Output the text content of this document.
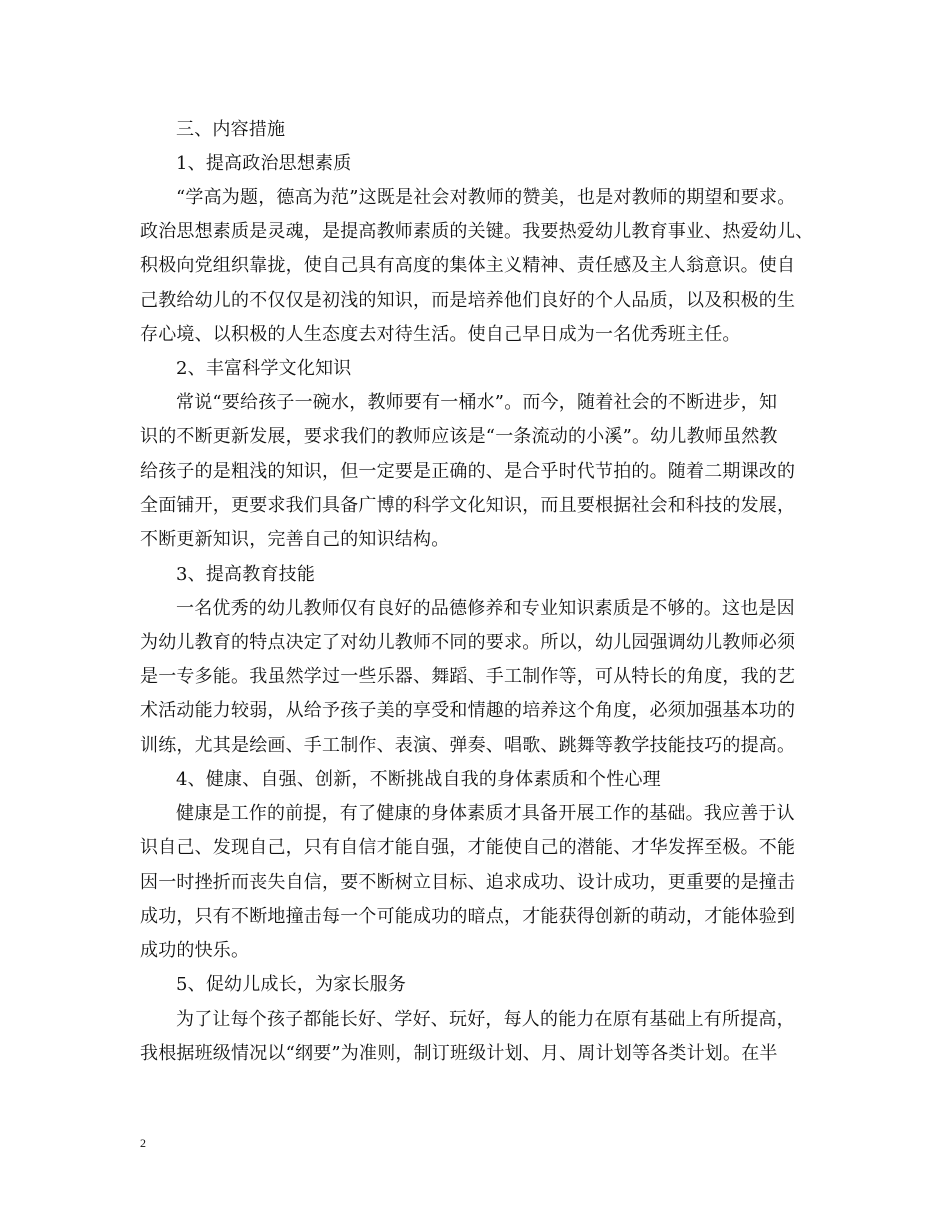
三、内容措施
1、提高政治思想素质
“学高为题，德高为范”这既是社会对教师的赞美，也是对教师的期望和要求。
政治思想素质是灵魂，是提高教师素质的关键。我要热爱幼儿教育事业、热爱幼儿、
积极向党组织靠拢，使自己具有高度的集体主义精神、责任感及主人翁意识。使自
己教给幼儿的不仅仅是初浅的知识，而是培养他们良好的个人品质，以及积极的生
存心境、以积极的人生态度去对待生活。使自己早日成为一名优秀班主任。
2、丰富科学文化知识
常说“要给孩子一碗水，教师要有一桶水”。而今，随着社会的不断进步，知
识的不断更新发展，要求我们的教师应该是“一条流动的小溪”。幼儿教师虽然教
给孩子的是粗浅的知识，但一定要是正确的、是合乎时代节拍的。随着二期课改的
全面铺开，更要求我们具备广博的科学文化知识，而且要根据社会和科技的发展，
不断更新知识，完善自己的知识结构。
3、提高教育技能
一名优秀的幼儿教师仅有良好的品德修养和专业知识素质是不够的。这也是因
为幼儿教育的特点决定了对幼儿教师不同的要求。所以，幼儿园强调幼儿教师必须
是一专多能。我虽然学过一些乐器、舞蹈、手工制作等，可从特长的角度，我的艺
术活动能力较弱，从给予孩子美的享受和情趣的培养这个角度，必须加强基本功的
训练，尤其是绘画、手工制作、表演、弹奏、唱歌、跳舞等教学技能技巧的提高。
4、健康、自强、创新，不断挑战自我的身体素质和个性心理
健康是工作的前提，有了健康的身体素质才具备开展工作的基础。我应善于认
识自己、发现自己，只有自信才能自强，才能使自己的潜能、才华发挥至极。不能
因一时挫折而丧失自信，要不断树立目标、追求成功、设计成功，更重要的是撞击
成功，只有不断地撞击每一个可能成功的暗点，才能获得创新的萌动，才能体验到
成功的快乐。
5、促幼儿成长，为家长服务
为了让每个孩子都能长好、学好、玩好，每人的能力在原有基础上有所提高，
我根据班级情况以“纲要”为准则，制订班级计划、月、周计划等各类计划。在半
2
